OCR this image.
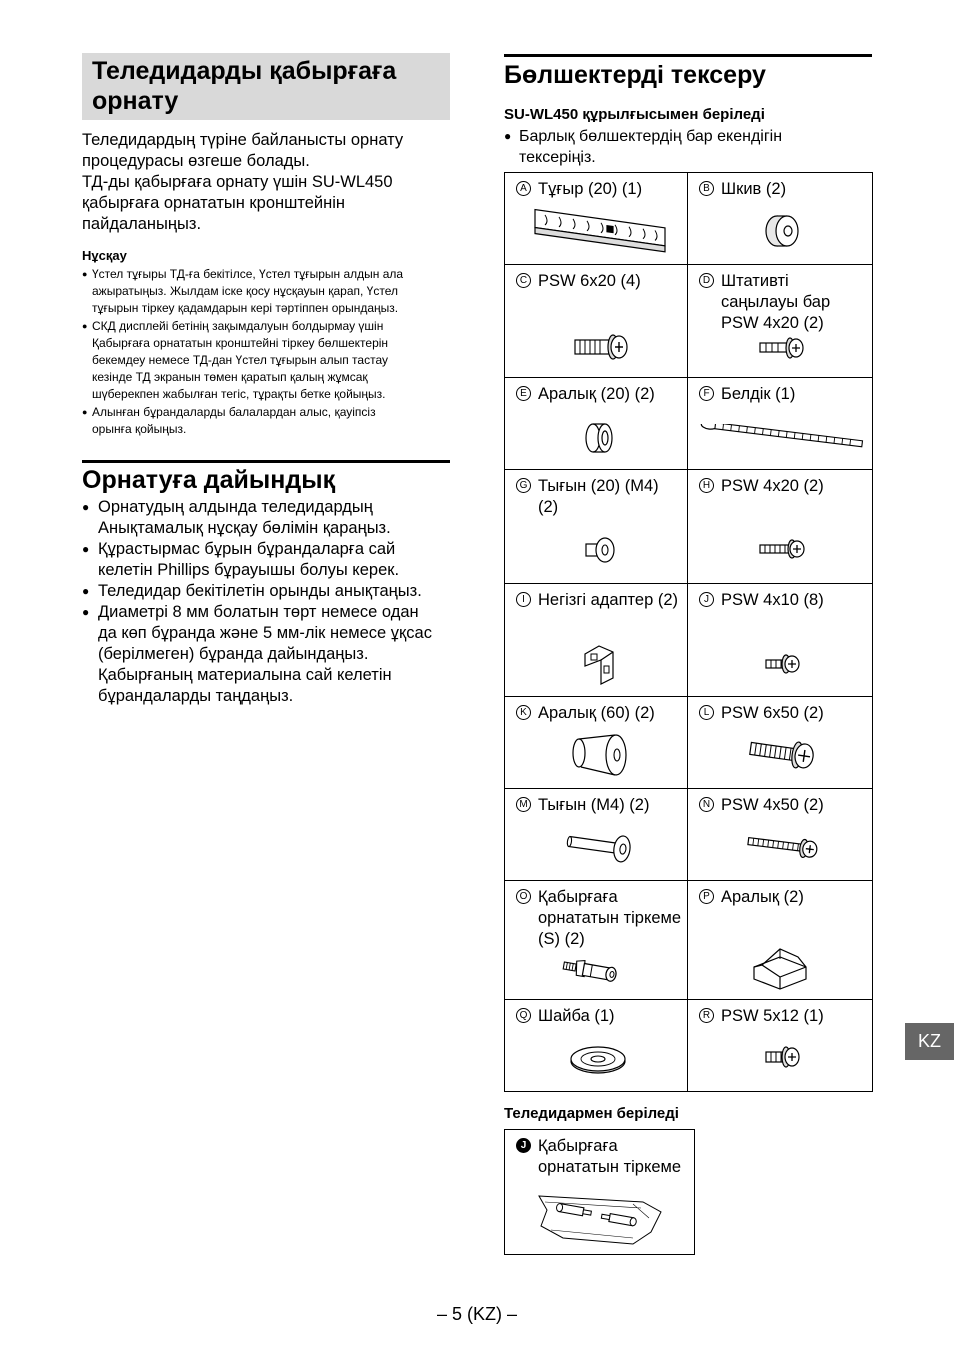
Теледидарды қабырғаға орнату
Теледидардың түріне байланысты орнату
процедурасы өзгеше болады.
ТД-ды қабырғаға орнату үшін SU-WL450
қабырғаға орнататын кронштейнін
пайдаланыңыз.
Нұсқау
● Үстел тұғыры ТД-ға бекітілсе, Үстел тұғырын алдын ала
ажыратыңыз. Жылдам іске қосу нұсқауын қарап, Үстел
тұғырын тіркеу қадамдарын кері тәртіппен орындаңыз.
● СКД дисплейі бетінің зақымдалуын болдырмау үшін
Қабырғаға орнататын кронштейні тіркеу бөлшектерін
бекемдеу немесе ТД-дан Үстел тұғырын алып тастау
кезінде ТД экранын төмен қаратып қалың жұмсақ
шүберекпен жабылған тегіс, тұрақты бетке қойыңыз.
● Алынған бұрандаларды балалардан алыс, қауіпсіз
орынға қойыңыз.
Орнатуға дайындық
● Орнатудың алдында теледидардың
Анықтамалық нұсқау бөлімін қараңыз.
● Құрастырмас бұрын бұрандаларға сай
келетін Phillips бұрауышы болуы керек.
● Теледидар бекітілетін орынды анықтаңыз.
● Диаметрі 8 мм болатын төрт немесе одан
да көп бұранда және 5 мм-лік немесе ұқсас
(берілмеген) бұранда дайындаңыз.
Қабырғаның материалына сай келетін
бұрандаларды таңдаңыз.
Бөлшектерді тексеру
SU-WL450 құрылғысымен беріледі
● Барлық бөлшектердің бар екендігін
тексеріңіз.
A Тұғыр (20) (1)	B Шкив (2)

C PSW 6x20 (4)	D Штативті саңылауы бар PSW 4x20 (2)

E Аралық (20) (2)	F Белдік (1)

G Тығын (20) (M4) (2)	H PSW 4x20 (2)

I Негізгі адаптер (2)	J PSW 4x10 (8)

K Аралық (60) (2)	L PSW 6x50 (2)

M Тығын (M4) (2)	N PSW 4x50 (2)

O Қабырғаға орнататын тіркеме (S) (2)	P Аралық (2)

Q Шайба (1)	R PSW 5x12 (1)
Теледидармен беріледі
J Қабырғаға орнататын тіркеме
KZ
– 5 (KZ) –
